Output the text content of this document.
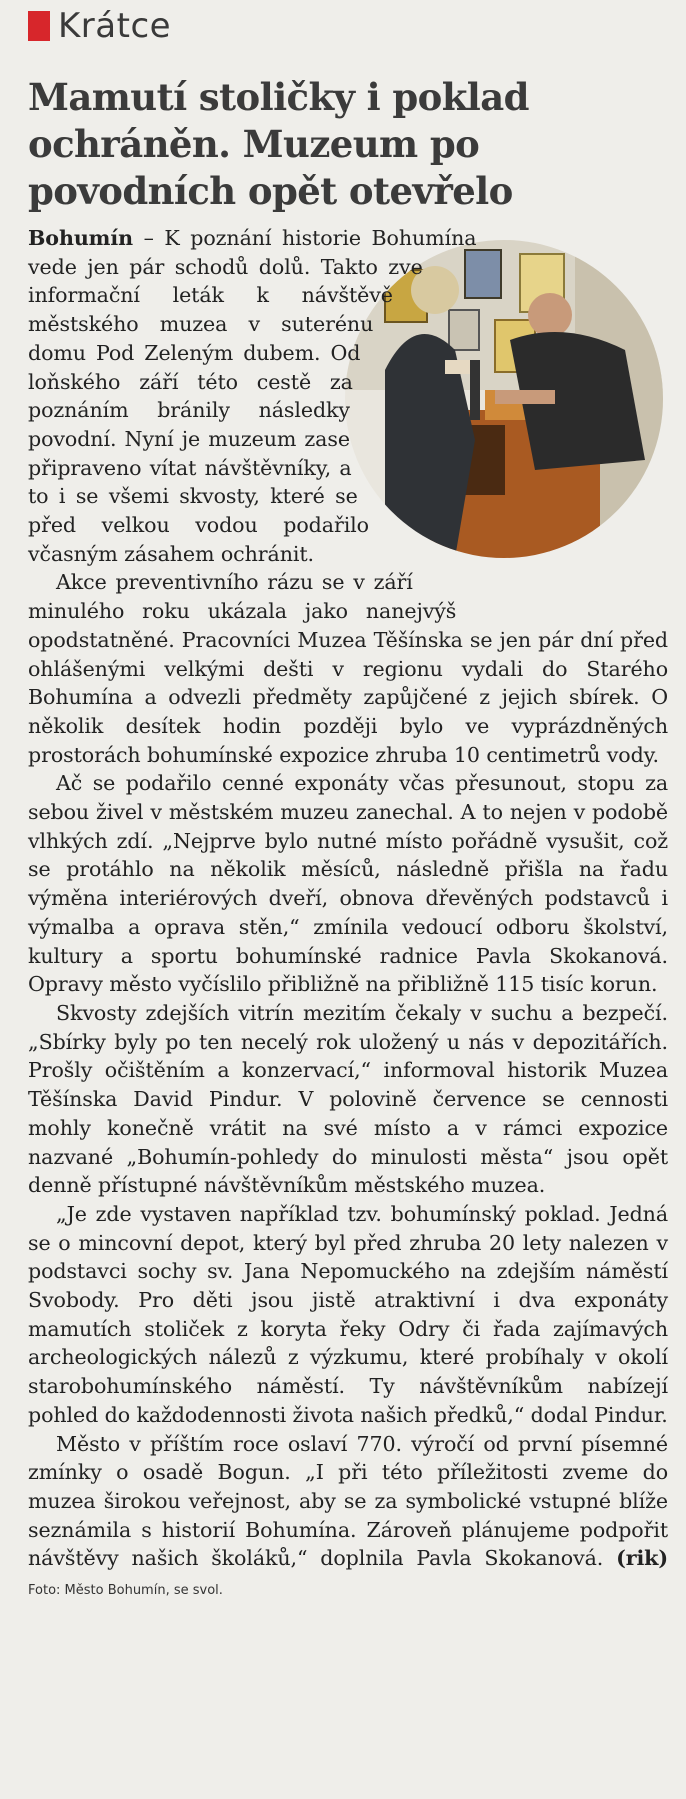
Krátce
Mamutí stoličky i poklad ochráněn. Muzeum po povodních opět otevřelo

Bohumín – K poznání historie Bohumína vede jen pár schodů dolů. Takto zve informační leták k návštěvě městského muzea v suterénu domu Pod Zeleným dubem. Od loňského září této cestě za poznáním bránily následky povodní. Nyní je muzeum zase připraveno vítat návštěvníky, a to i se všemi skvosty, které se před velkou vodou podařilo včasným zásahem ochránit.

Akce preventivního rázu se v září minulého roku ukázala jako nanejvýš opodstatněné. Pracovníci Muzea Těšínska se jen pár dní před ohlášenými velkými dešti v regionu vydali do Starého Bohumína a odvezli předměty zapůjčené z jejich sbírek. O několik desítek hodin později bylo ve vyprázdněných prostorách bohumínské expozice zhruba 10 centimetrů vody.

Ač se podařilo cenné exponáty včas přesunout, stopu za sebou živel v městském muzeu zanechal. A to nejen v podobě vlhkých zdí. „Nejprve bylo nutné místo pořádně vysušit, což se protáhlo na několik měsíců, následně přišla na řadu výměna interiérových dveří, obnova dřevěných podstavců i výmalba a oprava stěn,“ zmínila vedoucí odboru školství, kultury a sportu bohumínské radnice Pavla Skokanová. Opravy město vyčíslilo přibližně na přibližně 115 tisíc korun.

Skvosty zdejších vitrín mezitím čekaly v suchu a bezpečí. „Sbírky byly po ten necelý rok uložený u nás v depozitářích. Prošly očištěním a konzervací,“ informoval historik Muzea Těšínska David Pindur. V polovině července se cennosti mohly konečně vrátit na své místo a v rámci expozice nazvané „Bohumín-pohledy do minulosti města“ jsou opět denně přístupné návštěvníkům městského muzea.

„Je zde vystaven například tzv. bohumínský poklad. Jedná se o mincovní depot, který byl před zhruba 20 lety nalezen v podstavci sochy sv. Jana Nepomuckého na zdejším náměstí Svobody. Pro děti jsou jistě atraktivní i dva exponáty mamutích stoliček z koryta řeky Odry či řada zajímavých archeologických nálezů z výzkumu, které probíhaly v okolí starobohumínského náměstí. Ty návštěvníkům nabízejí pohled do každodennosti života našich předků,“ dodal Pindur.

Město v příštím roce oslaví 770. výročí od první písemné zmínky o osadě Bogun. „I při této příležitosti zveme do muzea širokou veřejnost, aby se za symbolické vstupné blíže seznámila s historií Bohumína. Zároveň plánujeme podpořit návštěvy našich školáků,“ doplnila Pavla Skokanová. (rik) Foto: Město Bohumín, se svol.
